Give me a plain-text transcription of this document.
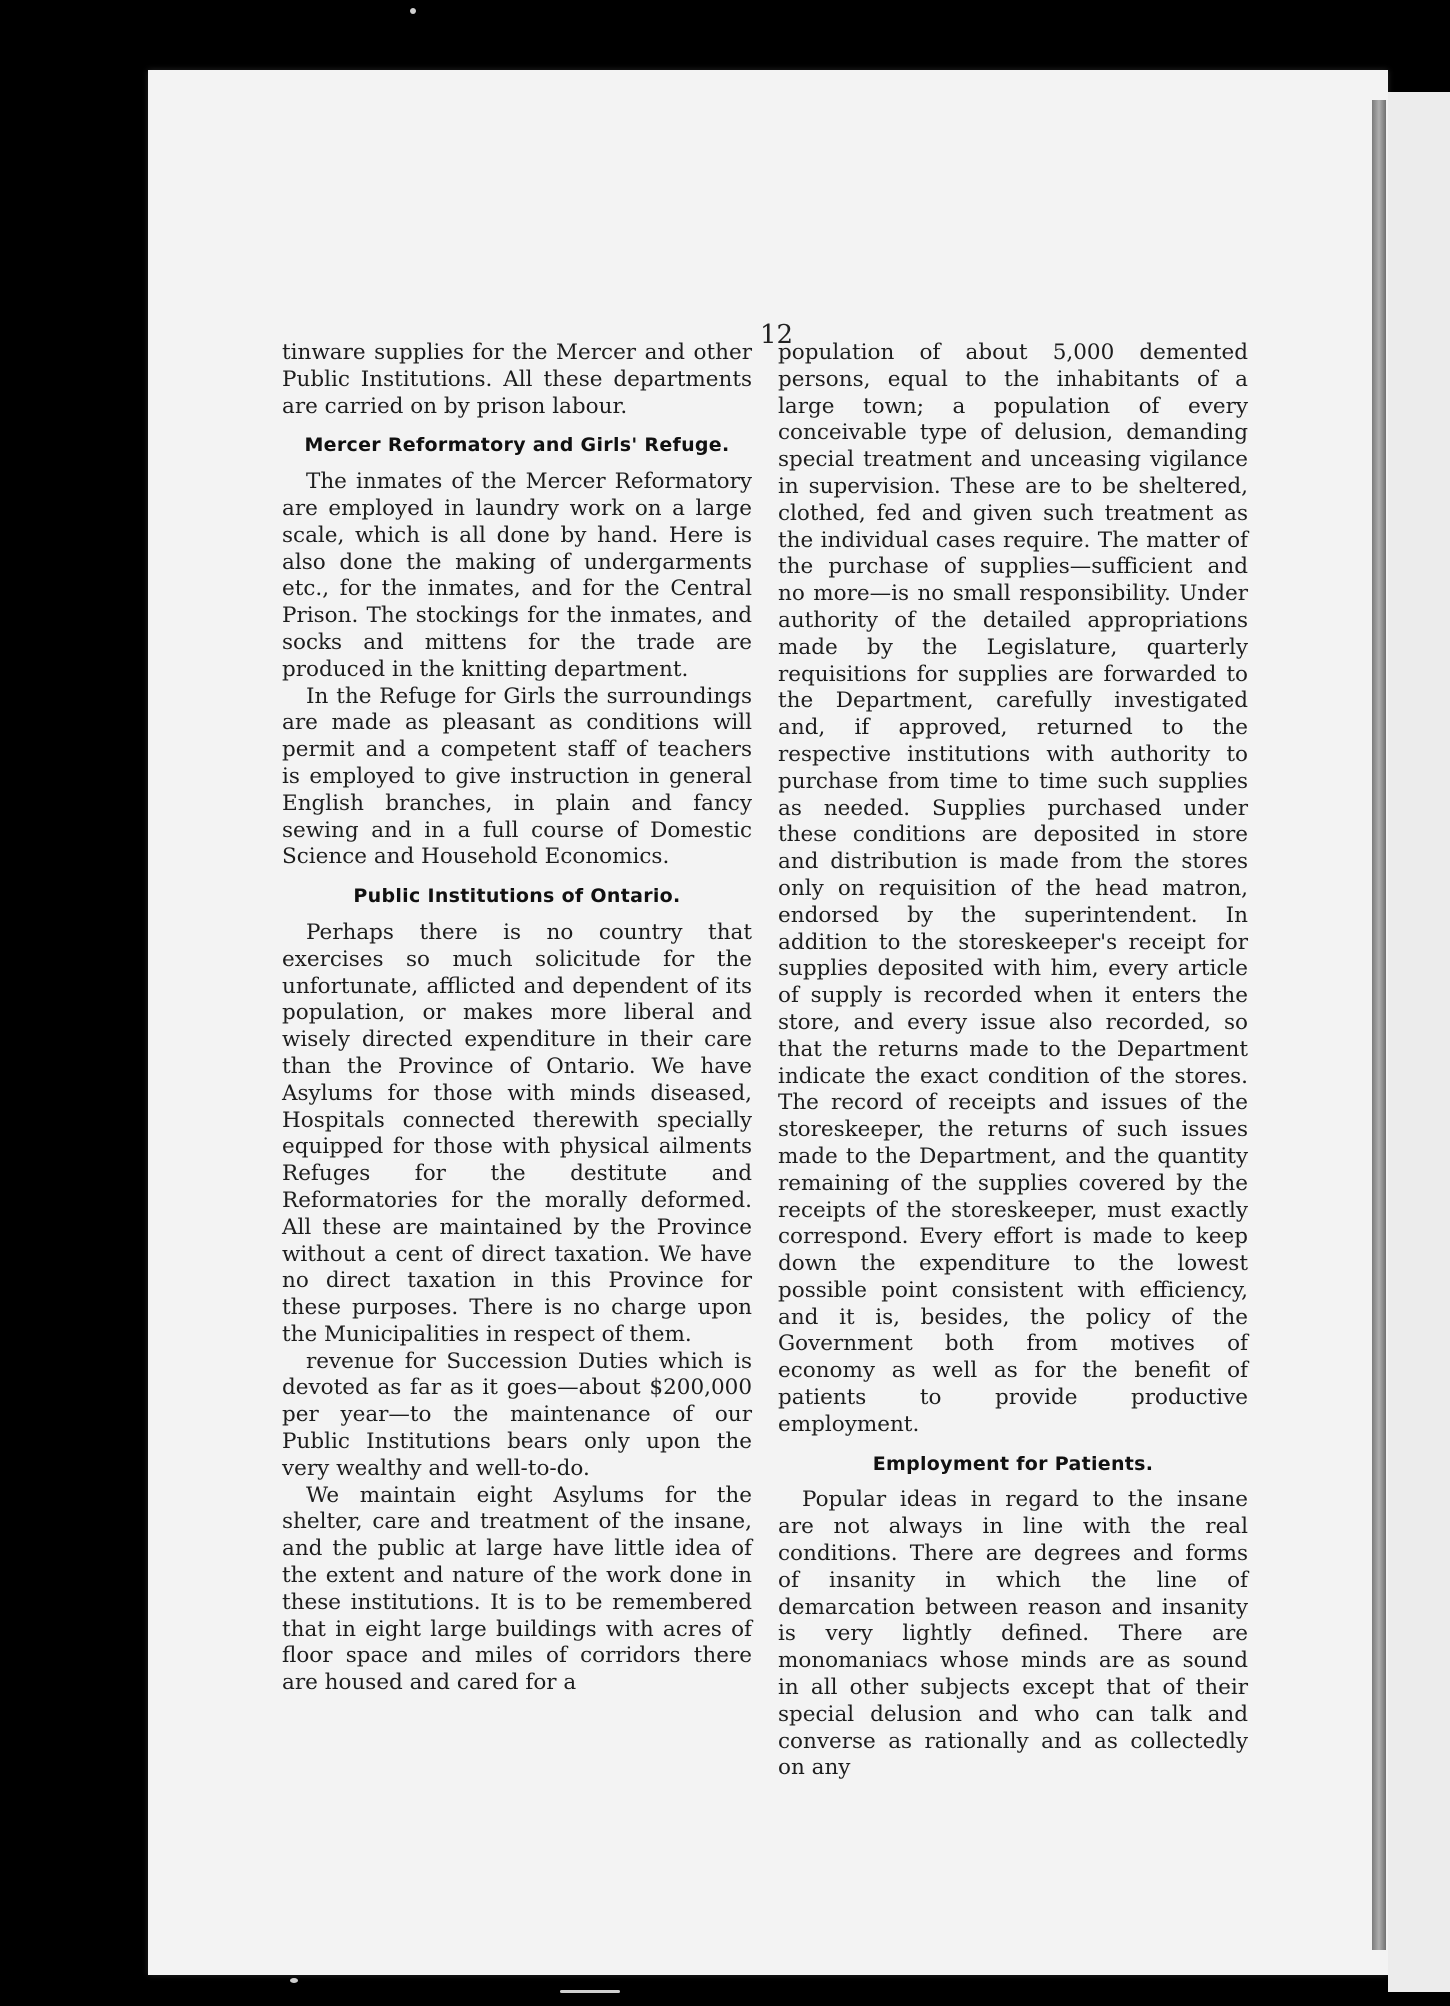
12

tinware supplies for the Mercer and other Public Institutions. All these departments are carried on by prison labour.

Mercer Reformatory and Girls' Refuge.

The inmates of the Mercer Reformatory are employed in laundry work on a large scale, which is all done by hand. Here is also done the making of undergarments etc., for the inmates, and for the Central Prison. The stockings for the inmates, and socks and mittens for the trade are produced in the knitting department.

In the Refuge for Girls the surroundings are made as pleasant as conditions will permit and a competent staff of teachers is employed to give instruction in general English branches, in plain and fancy sewing and in a full course of Domestic Science and Household Economics.

Public Institutions of Ontario.

Perhaps there is no country that exercises so much solicitude for the unfortunate, afflicted and dependent of its population, or makes more liberal and wisely directed expenditure in their care than the Province of Ontario. We have Asylums for those with minds diseased, Hospitals connected therewith specially equipped for those with physical ailments Refuges for the destitute and Reformatories for the morally deformed. All these are maintained by the Province without a cent of direct taxation. We have no direct taxation in this Province for these purposes. There is no charge upon the Municipalities in respect of them.

revenue for Succession Duties which is devoted as far as it goes—about $200,000 per year—to the maintenance of our Public Institutions bears only upon the very wealthy and well-to-do.

We maintain eight Asylums for the shelter, care and treatment of the insane, and the public at large have little idea of the extent and nature of the work done in these institutions. It is to be remembered that in eight large buildings with acres of floor space and miles of corridors there are housed and cared for a

population of about 5,000 demented persons, equal to the inhabitants of a large town; a population of every conceivable type of delusion, demanding special treatment and unceasing vigilance in supervision. These are to be sheltered, clothed, fed and given such treatment as the individual cases require. The matter of the purchase of supplies—sufficient and no more—is no small responsibility. Under authority of the detailed appropriations made by the Legislature, quarterly requisitions for supplies are forwarded to the Department, carefully investigated and, if approved, returned to the respective institutions with authority to purchase from time to time such supplies as needed. Supplies purchased under these conditions are deposited in store and distribution is made from the stores only on requisition of the head matron, endorsed by the superintendent. In addition to the storeskeeper's receipt for supplies deposited with him, every article of supply is recorded when it enters the store, and every issue also recorded, so that the returns made to the Department indicate the exact condition of the stores. The record of receipts and issues of the storeskeeper, the returns of such issues made to the Department, and the quantity remaining of the supplies covered by the receipts of the storeskeeper, must exactly correspond. Every effort is made to keep down the expenditure to the lowest possible point consistent with efficiency, and it is, besides, the policy of the Government both from motives of economy as well as for the benefit of patients to provide productive employment.

Employment for Patients.

Popular ideas in regard to the insane are not always in line with the real conditions. There are degrees and forms of insanity in which the line of demarcation between reason and insanity is very lightly defined. There are monomaniacs whose minds are as sound in all other subjects except that of their special delusion and who can talk and converse as rationally and as collectedly on any
